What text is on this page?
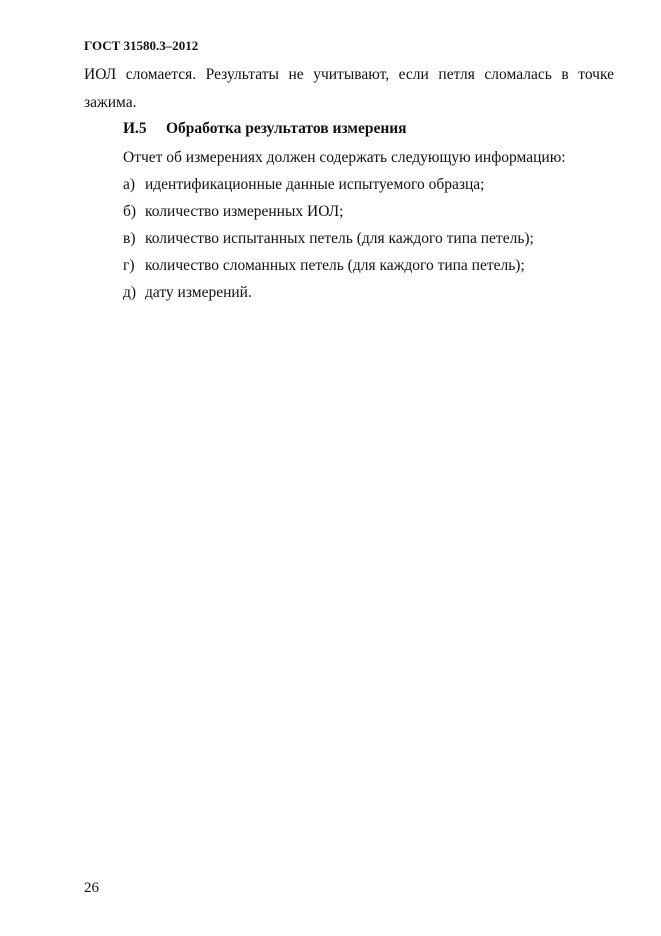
ГОСТ 31580.3–2012
ИОЛ сломается. Результаты не учитывают, если петля сломалась в точке
зажима.
И.5 Обработка результатов измерения
Отчет об измерениях должен содержать следующую информацию:
а) идентификационные данные испытуемого образца;
б) количество измеренных ИОЛ;
в) количество испытанных петель (для каждого типа петель);
г) количество сломанных петель (для каждого типа петель);
д) дату измерений.
26
